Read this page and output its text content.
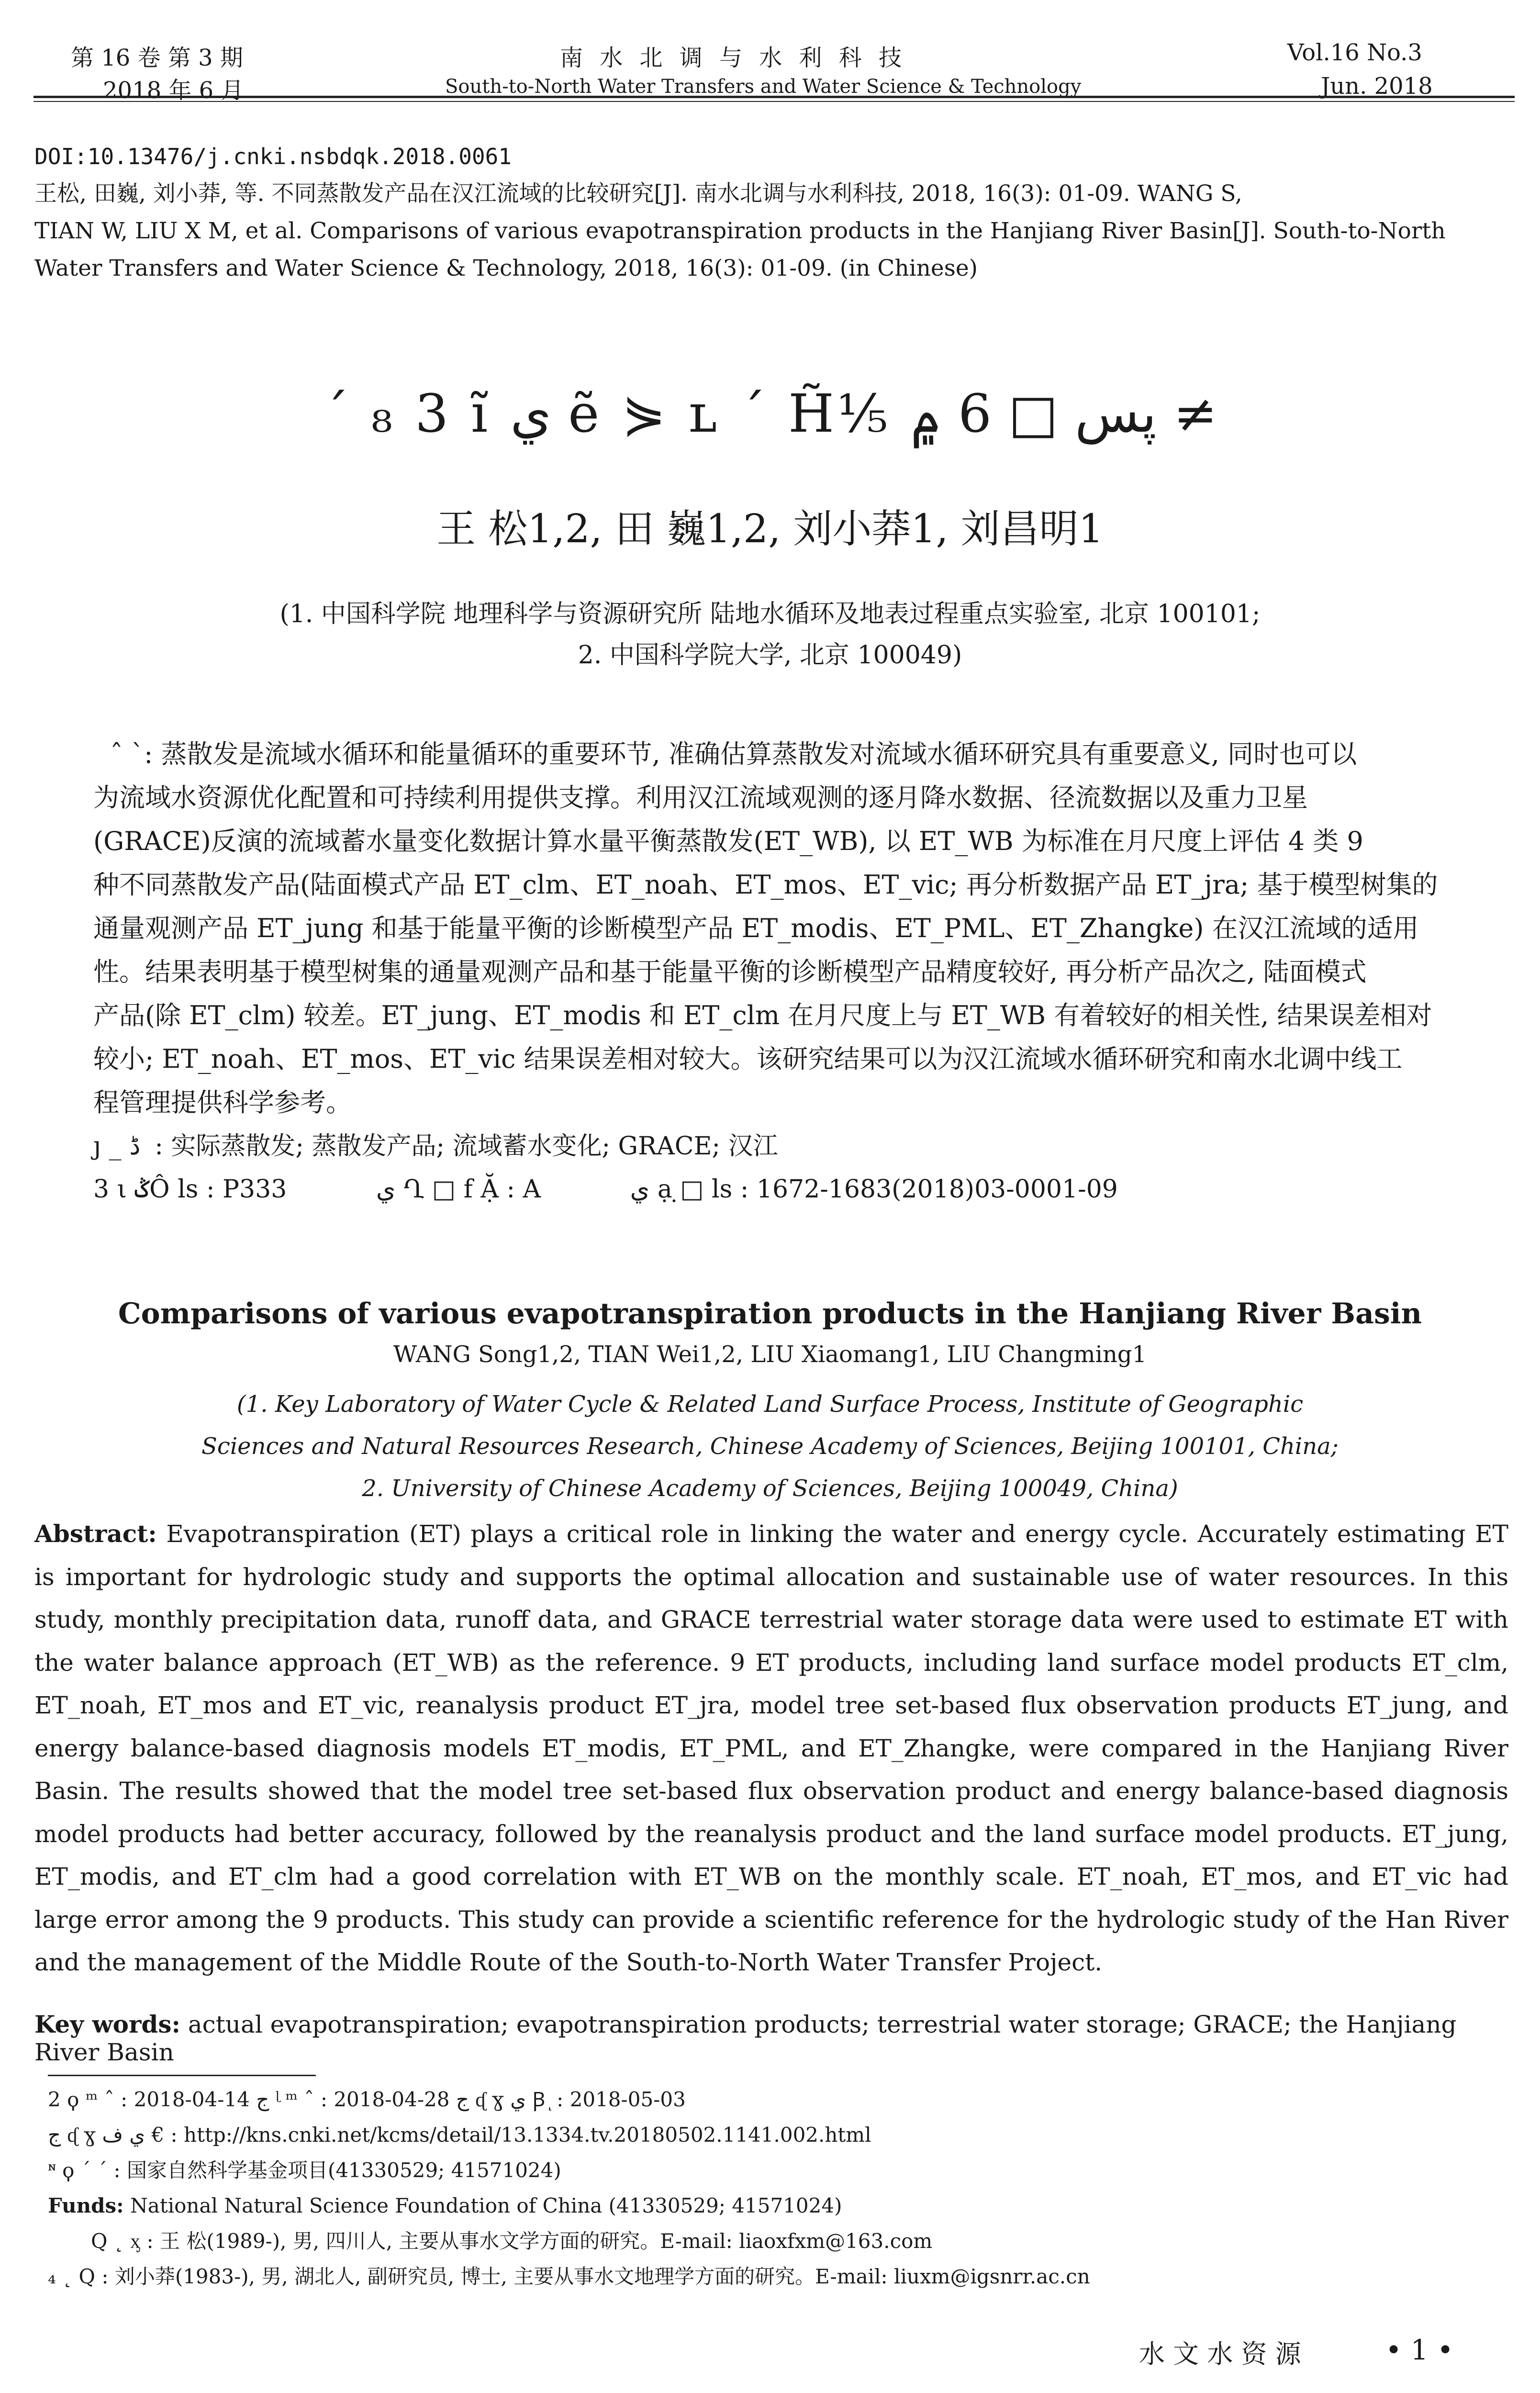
第 16 卷 第 3 期
2018 年 6 月
南 水 北 调 与 水 利 科 技
South-to-North Water Transfers and Water Science & Technology
Vol.16 No.3
Jun. 2018
DOI:10.13476/j.cnki.nsbdqk.2018.0061
王松, 田巍, 刘小莽, 等. 不同蒸散发产品在汉江流域的比较研究[J]. 南水北调与水利科技, 2018, 16(3): 01-09. WANG S,
TIAN W, LIU X M, et al. Comparisons of various evapotranspiration products in the Hanjiang River Basin[J]. South-to-North
Water Transfers and Water Science & Technology, 2018, 16(3): 01-09. (in Chinese)
´ ₈ 3 ĩ ي ẽ ⋟ ʟ ´ H̃⅕ پس □ 6 ۾ ≠
王 松1,2, 田 巍1,2, 刘小莽1, 刘昌明1
(1. 中国科学院 地理科学与资源研究所 陆地水循环及地表过程重点实验室, 北京 100101;
2. 中国科学院大学, 北京 100049)
ˆ ˋ: 蒸散发是流域水循环和能量循环的重要环节, 准确估算蒸散发对流域水循环研究具有重要意义, 同时也可以
为流域水资源优化配置和可持续利用提供支撑。利用汉江流域观测的逐月降水数据、径流数据以及重力卫星
(GRACE)反演的流域蓄水量变化数据计算水量平衡蒸散发(ET_WB), 以 ET_WB 为标准在月尺度上评估 4 类 9
种不同蒸散发产品(陆面模式产品 ET_clm、ET_noah、ET_mos、ET_vic; 再分析数据产品 ET_jra; 基于模型树集的
通量观测产品 ET_jung 和基于能量平衡的诊断模型产品 ET_modis、ET_PML、ET_Zhangke) 在汉江流域的适用
性。结果表明基于模型树集的通量观测产品和基于能量平衡的诊断模型产品精度较好, 再分析产品次之, 陆面模式
产品(除 ET_clm) 较差。ET_jung、ET_modis 和 ET_clm 在月尺度上与 ET_WB 有着较好的相关性, 结果误差相对
较小; ET_noah、ET_mos、ET_vic 结果误差相对较大。该研究结果可以为汉江流域水循环研究和南水北调中线工
程管理提供科学参考。
ȷ _ ڈ : 实际蒸散发; 蒸散发产品; 流域蓄水变化; GRACE; 汉江
3 ι ݣÔ ls : P333	ي Ղ □ f Ặ : A	ي ạ ̣□ ls : 1672-1683(2018)03-0001-09
Comparisons of various evapotranspiration products in the Hanjiang River Basin
WANG Song1,2, TIAN Wei1,2, LIU Xiaomang1, LIU Changming1
(1. Key Laboratory of Water Cycle & Related Land Surface Process, Institute of Geographic
Sciences and Natural Resources Research, Chinese Academy of Sciences, Beijing 100101, China;
2. University of Chinese Academy of Sciences, Beijing 100049, China)
Abstract: Evapotranspiration (ET) plays a critical role in linking the water and energy cycle. Accurately estimating ET is important for hydrologic study and supports the optimal allocation and sustainable use of water resources. In this study, monthly precipitation data, runoff data, and GRACE terrestrial water storage data were used to estimate ET with the water balance approach (ET_WB) as the reference. 9 ET products, including land surface model products ET_clm, ET_noah, ET_mos and ET_vic, reanalysis product ET_jra, model tree set-based flux observation products ET_jung, and energy balance-based diagnosis models ET_modis, ET_PML, and ET_Zhangke, were compared in the Hanjiang River Basin. The results showed that the model tree set-based flux observation product and energy balance-based diagnosis model products had better accuracy, followed by the reanalysis product and the land surface model products. ET_jung, ET_modis, and ET_clm had a good correlation with ET_WB on the monthly scale. ET_noah, ET_mos, and ET_vic had large error among the 9 products. This study can provide a scientific reference for the hydrologic study of the Han River and the management of the Middle Route of the South-to-North Water Transfer Project.
Key words: actual evapotranspiration; evapotranspiration products; terrestrial water storage; GRACE; the Hanjiang River Basin
2 ϙ ᵐ ˆ : 2018-04-14 ج ᶩ ᵐ ˆ : 2018-04-28 ج ᶑ ɣ ي Ꞵ ͅ : 2018-05-03
ج ᶑ ɣ ي ف € : http://kns.cnki.net/kcms/detail/13.1334.tv.20180502.1141.002.html
ᶰ ϙ ´ ˊ : 国家自然科学基金项目(41330529; 41571024)
Funds: National Natural Science Foundation of China (41330529; 41571024)
Q ˛ ᶍ : 王 松(1989-), 男, 四川人, 主要从事水文学方面的研究。E-mail: liaoxfxm@163.com
₄ ˛ Q : 刘小莽(1983-), 男, 湖北人, 副研究员, 博士, 主要从事水文地理学方面的研究。E-mail: liuxm@igsnrr.ac.cn
水 文 水 资 源	• 1 •
